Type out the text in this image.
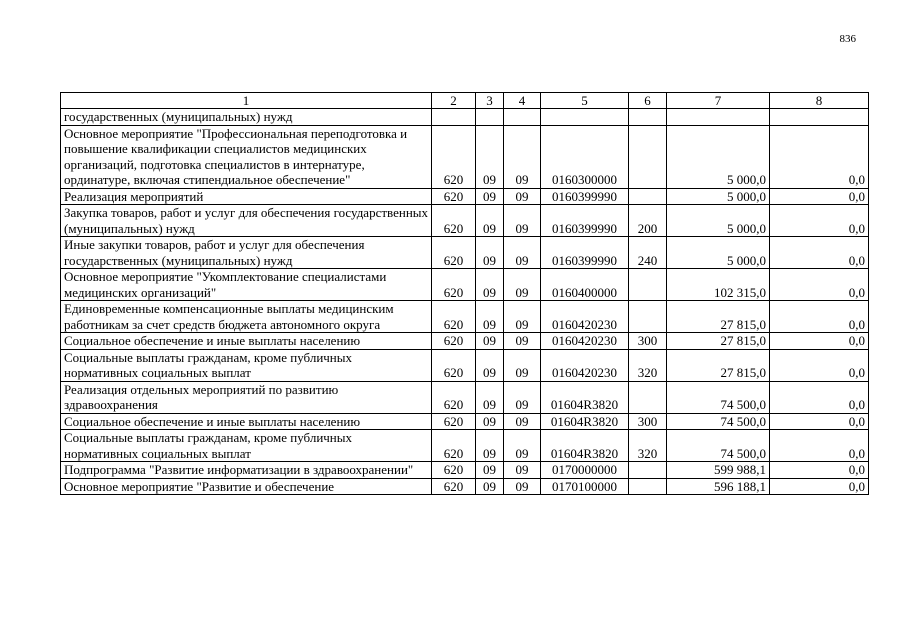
836
1	2	3	4	5	6	7	8
государственных (муниципальных) нужд							
Основное мероприятие "Профессиональная переподготовка и повышение квалификации специалистов медицинских организаций, подготовка специалистов в интернатуре, ординатуре, включая стипендиальное обеспечение"	620	09	09	0160300000		5 000,0	0,0
Реализация мероприятий	620	09	09	0160399990		5 000,0	0,0
Закупка товаров, работ и услуг для обеспечения государственных (муниципальных) нужд	620	09	09	0160399990	200	5 000,0	0,0
Иные закупки товаров, работ и услуг для обеспечения государственных (муниципальных) нужд	620	09	09	0160399990	240	5 000,0	0,0
Основное мероприятие "Укомплектование специалистами медицинских организаций"	620	09	09	0160400000		102 315,0	0,0
Единовременные компенсационные выплаты медицинским работникам за счет средств бюджета автономного округа	620	09	09	0160420230		27 815,0	0,0
Социальное обеспечение и иные выплаты населению	620	09	09	0160420230	300	27 815,0	0,0
Социальные выплаты гражданам, кроме публичных нормативных социальных выплат	620	09	09	0160420230	320	27 815,0	0,0
Реализация отдельных мероприятий по развитию здравоохранения	620	09	09	01604R3820		74 500,0	0,0
Социальное обеспечение и иные выплаты населению	620	09	09	01604R3820	300	74 500,0	0,0
Социальные выплаты гражданам, кроме публичных нормативных социальных выплат	620	09	09	01604R3820	320	74 500,0	0,0
Подпрограмма "Развитие информатизации в здравоохранении"	620	09	09	0170000000		599 988,1	0,0
Основное мероприятие "Развитие и обеспечение	620	09	09	0170100000		596 188,1	0,0
